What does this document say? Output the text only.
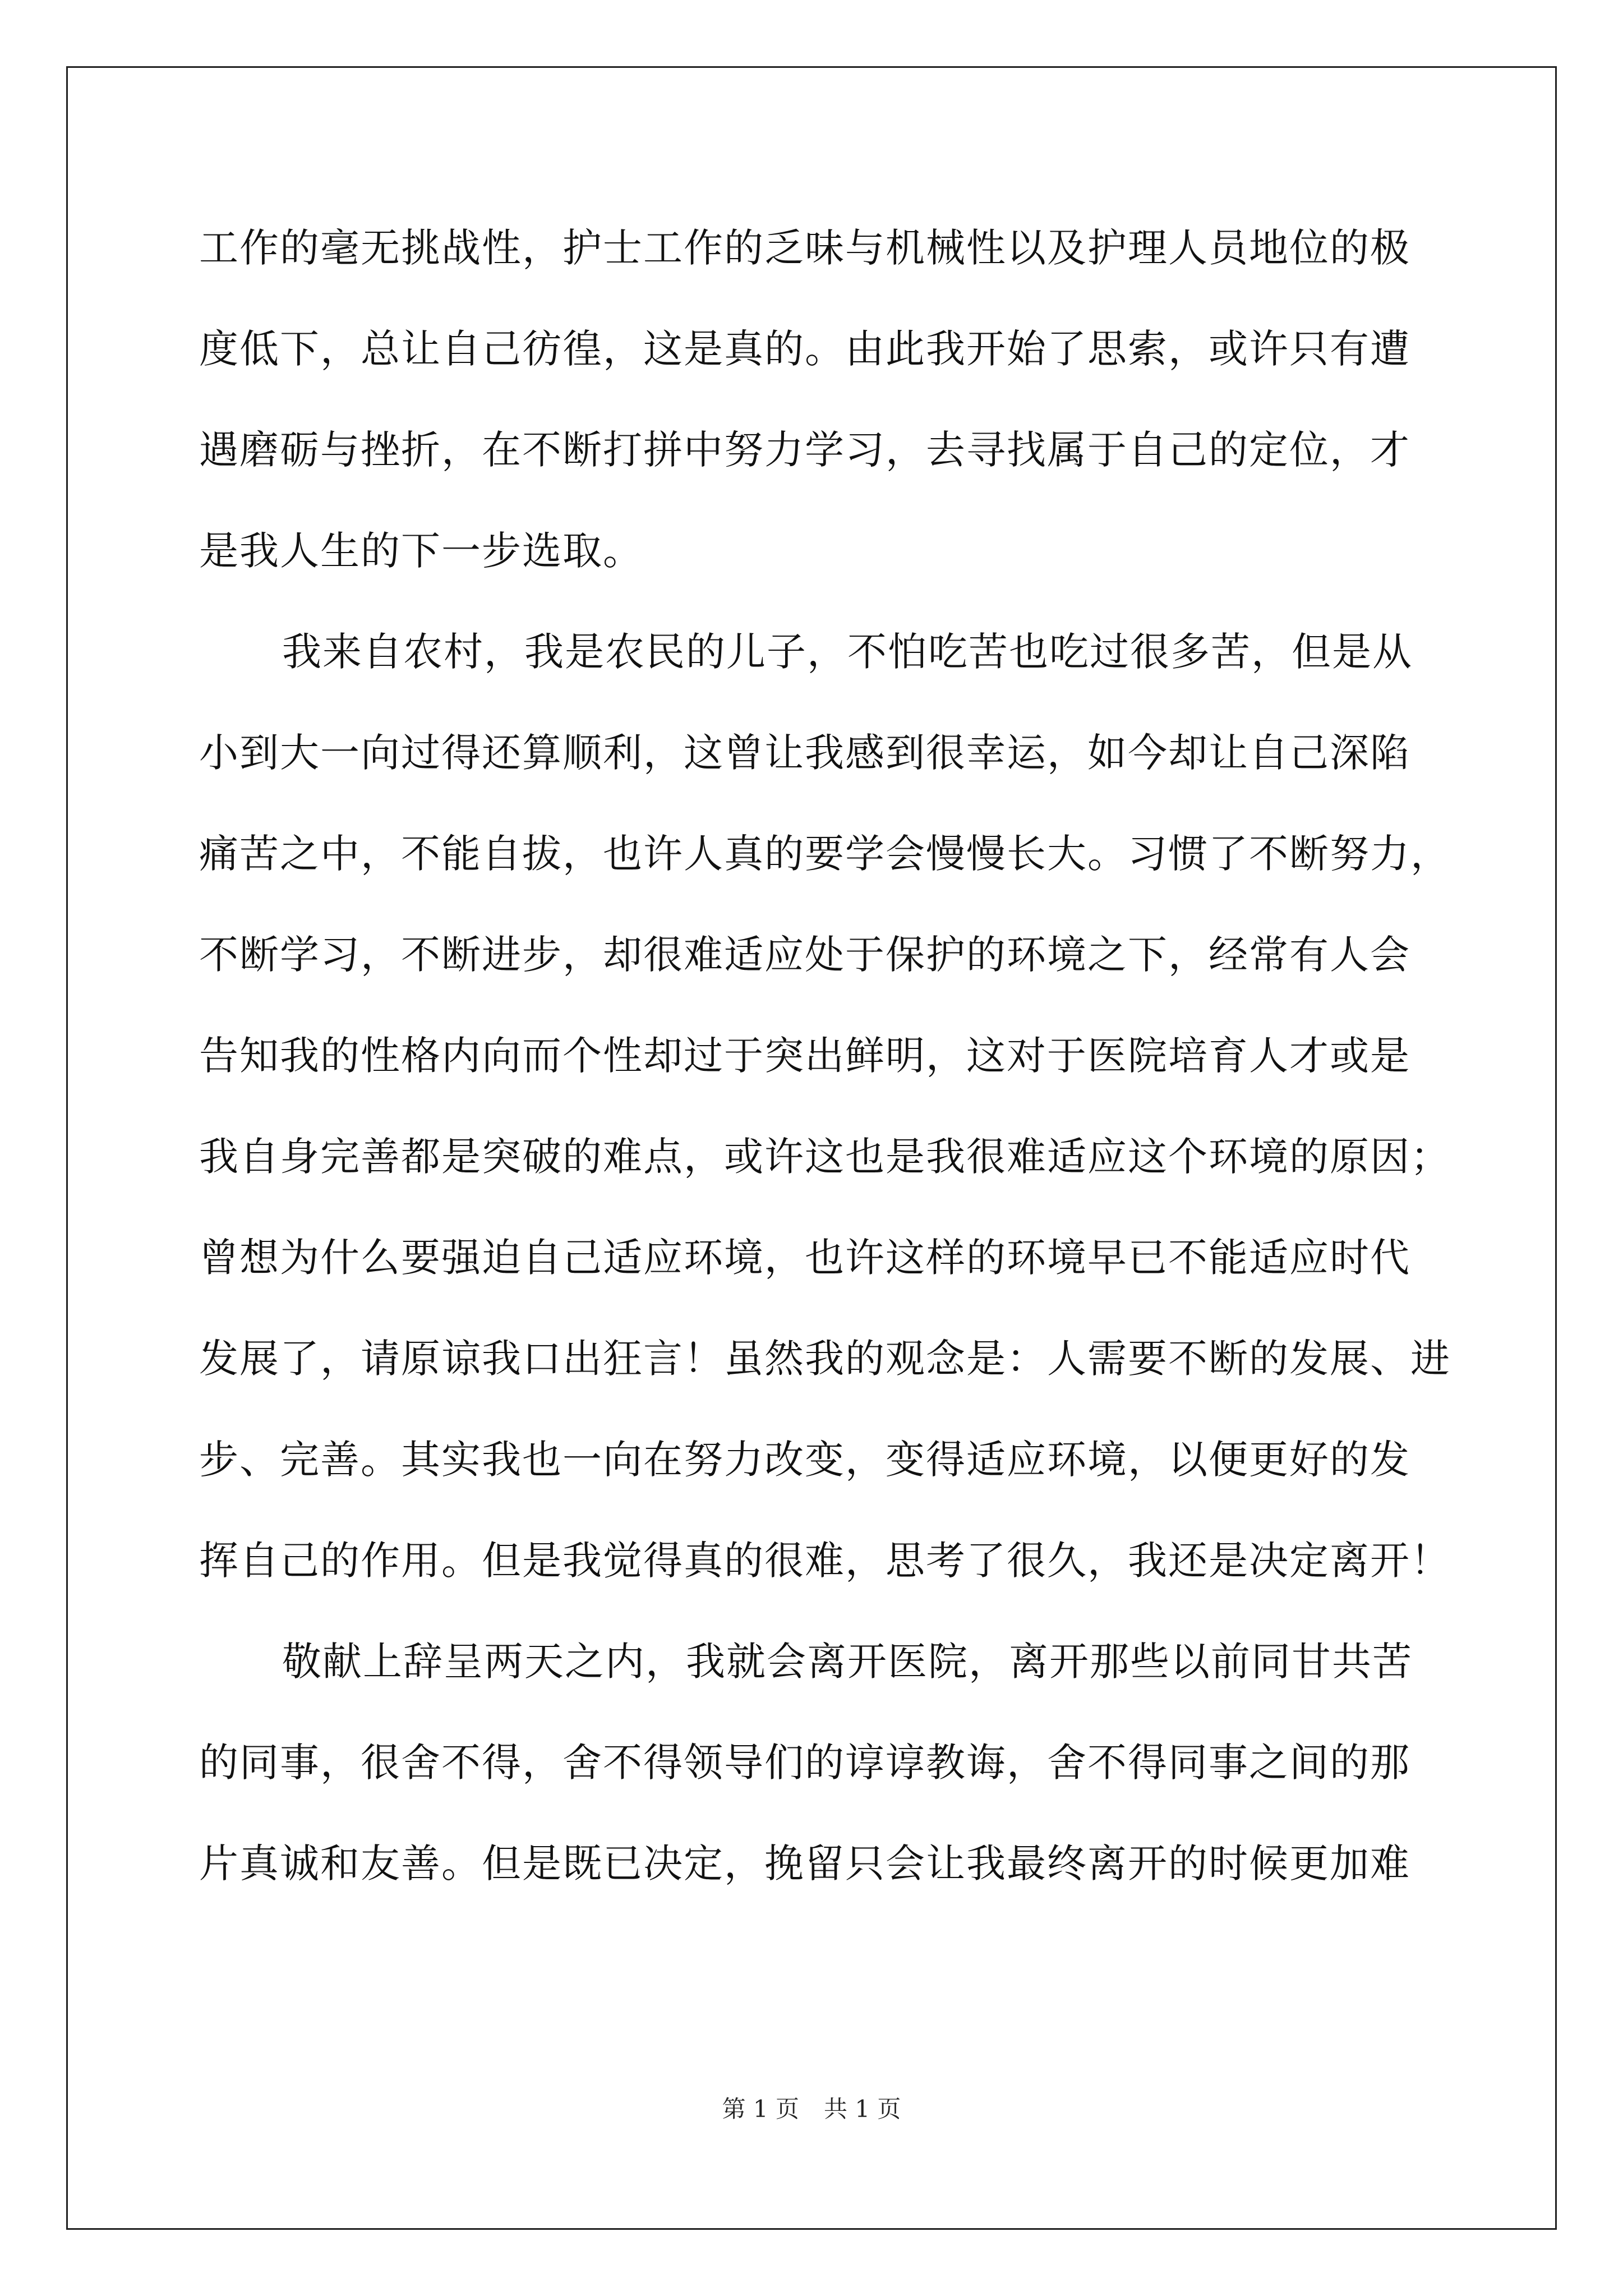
工作的毫无挑战性，护士工作的乏味与机械性以及护理人员地位的极
度低下，总让自己彷徨，这是真的。由此我开始了思索，或许只有遭
遇磨砺与挫折，在不断打拼中努力学习，去寻找属于自己的定位，才
是我人生的下一步选取。
我来自农村，我是农民的儿子，不怕吃苦也吃过很多苦，但是从
小到大一向过得还算顺利，这曾让我感到很幸运，如今却让自己深陷
痛苦之中，不能自拔，也许人真的要学会慢慢长大。习惯了不断努力，
不断学习，不断进步，却很难适应处于保护的环境之下，经常有人会
告知我的性格内向而个性却过于突出鲜明，这对于医院培育人才或是
我自身完善都是突破的难点，或许这也是我很难适应这个环境的原因；
曾想为什么要强迫自己适应环境，也许这样的环境早已不能适应时代
发展了，请原谅我口出狂言！虽然我的观念是：人需要不断的发展、进
步、完善。其实我也一向在努力改变，变得适应环境，以便更好的发
挥自己的作用。但是我觉得真的很难，思考了很久，我还是决定离开！
敬献上辞呈两天之内，我就会离开医院，离开那些以前同甘共苦
的同事，很舍不得，舍不得领导们的谆谆教诲，舍不得同事之间的那
片真诚和友善。但是既已决定，挽留只会让我最终离开的时候更加难
第 1 页 共 1 页
